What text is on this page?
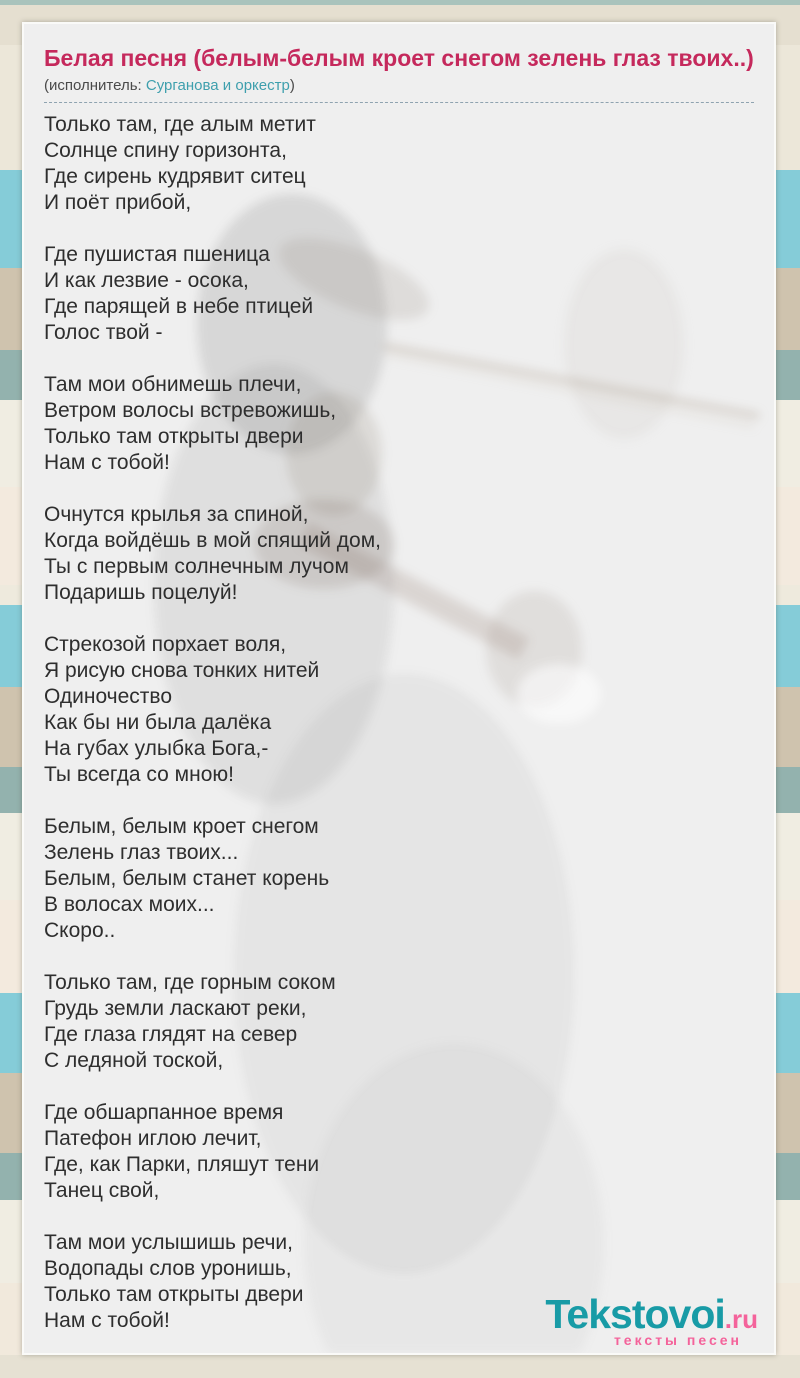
Белая песня (белым-белым кроет снегом зелень глаз твоих..)
(исполнитель: Сурганова и оркестр)

Только там, где алым метит
Солнце спину горизонта,
Где сирень кудрявит ситец
И поёт прибой,

Где пушистая пшеница
И как лезвие - осока,
Где парящей в небе птицей
Голос твой -

Там мои обнимешь плечи,
Ветром волосы встревожишь,
Только там открыты двери
Нам с тобой!

Очнутся крылья за спиной,
Когда войдёшь в мой спящий дом,
Ты с первым солнечным лучом
Подаришь поцелуй!

Стрекозой порхает воля,
Я рисую снова тонких нитей
Одиночество
Как бы ни была далёка
На губах улыбка Бога,-
Ты всегда со мною!

Белым, белым кроет снегом
Зелень глаз твоих...
Белым, белым станет корень
В волосах моих...
Скоро..

Только там, где горным соком
Грудь земли ласкают реки,
Где глаза глядят на север
С ледяной тоской,

Где обшарпанное время
Патефон иглою лечит,
Где, как Парки, пляшут тени
Танец свой,

Там мои услышишь речи,
Водопады слов уронишь,
Только там открыты двери
Нам с тобой!	Tekstovoi.ru
тексты песен
